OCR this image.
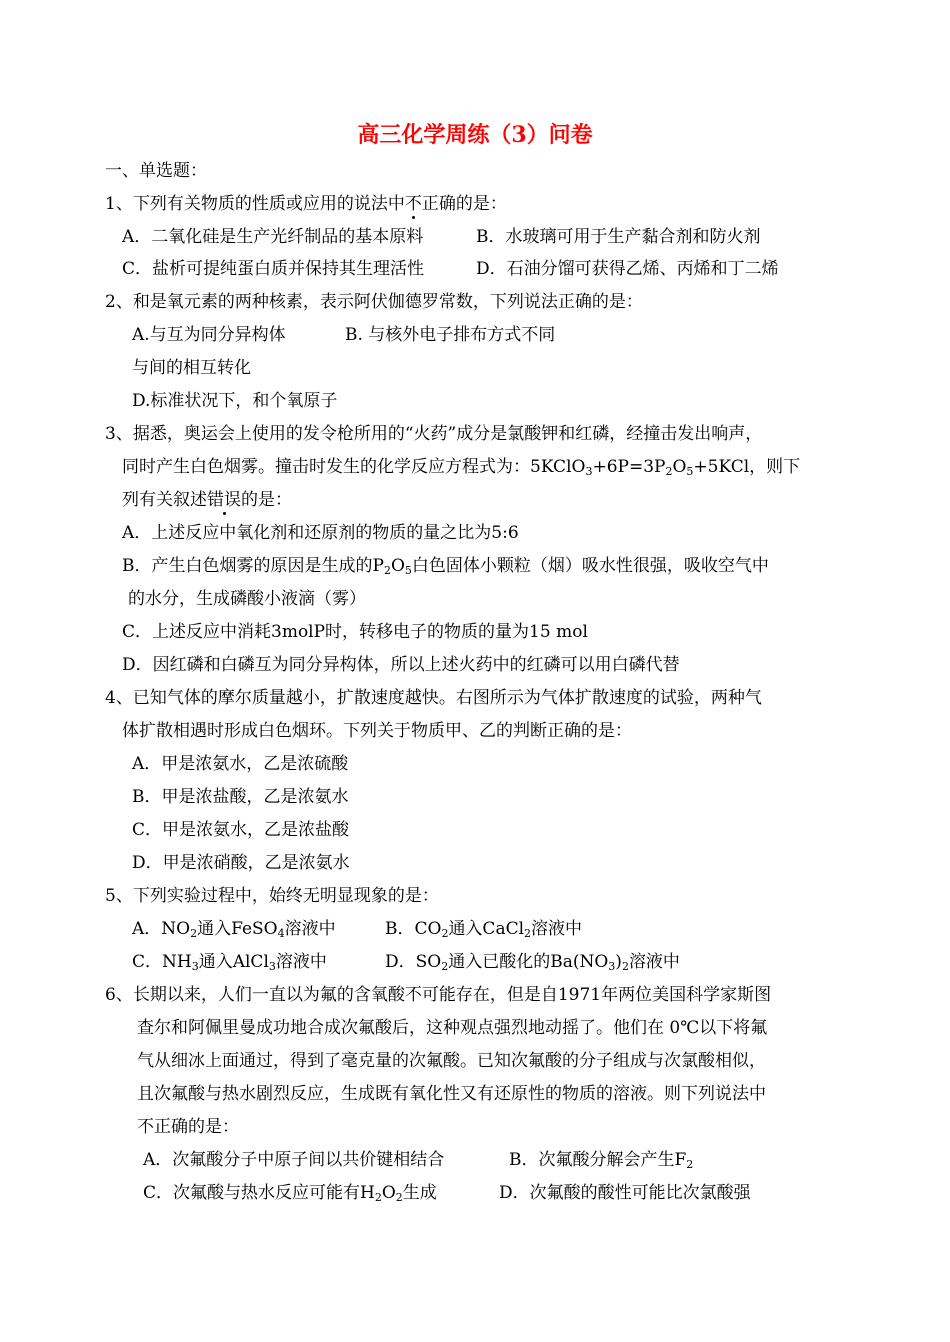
高三化学周练（3）问卷
一、单选题：
1、下列有关物质的性质或应用的说法中不正确的是：
A．二氧化硅是生产光纤制品的基本原料	B．水玻璃可用于生产黏合剂和防火剂
C．盐析可提纯蛋白质并保持其生理活性	D．石油分馏可获得乙烯、丙烯和丁二烯
2、和是氧元素的两种核素，表示阿伏伽德罗常数，下列说法正确的是：
A.与互为同分异构体	B. 与核外电子排布方式不同
与间的相互转化
D.标准状况下，和个氧原子
3、据悉，奥运会上使用的发令枪所用的“火药”成分是氯酸钾和红磷，经撞击发出响声，
同时产生白色烟雾。撞击时发生的化学反应方程式为：$5KClO_3+6P=3P_2O_5+5KCl$，则下
列有关叙述错误的是：
A．上述反应中氧化剂和还原剂的物质的量之比为5:6
B．产生白色烟雾的原因是生成的$P_2O_5$白色固体小颗粒（烟）吸水性很强，吸收空气中
的水分，生成磷酸小液滴（雾）
C．上述反应中消耗3molP时，转移电子的物质的量为15 mol
D．因红磷和白磷互为同分异构体，所以上述火药中的红磷可以用白磷代替
4、已知气体的摩尔质量越小，扩散速度越快。右图所示为气体扩散速度的试验，两种气
体扩散相遇时形成白色烟环。下列关于物质甲、乙的判断正确的是：
A．甲是浓氨水，乙是浓硫酸
B．甲是浓盐酸，乙是浓氨水
C．甲是浓氨水，乙是浓盐酸
D．甲是浓硝酸，乙是浓氨水
5、下列实验过程中，始终无明显现象的是：
A．$NO_2$通入FeSO$_4$溶液中	B．$CO_2$通入CaCl$_2$溶液中
C．$NH_3$通入AlCl$_3$溶液中	D．$SO_2$通入已酸化的$Ba(NO_3)_2$溶液中
6、长期以来，人们一直以为氟的含氧酸不可能存在，但是自1971年两位美国科学家斯图
查尔和阿佩里曼成功地合成次氟酸后，这种观点强烈地动摇了。他们在 0℃以下将氟
气从细冰上面通过，得到了毫克量的次氟酸。已知次氟酸的分子组成与次氯酸相似，
且次氟酸与热水剧烈反应，生成既有氧化性又有还原性的物质的溶液。则下列说法中
不正确的是：
A．次氟酸分子中原子间以共价键相结合	B．次氟酸分解会产生$F_2$
C．次氟酸与热水反应可能有$H_2O_2$生成	D．次氟酸的酸性可能比次氯酸强
